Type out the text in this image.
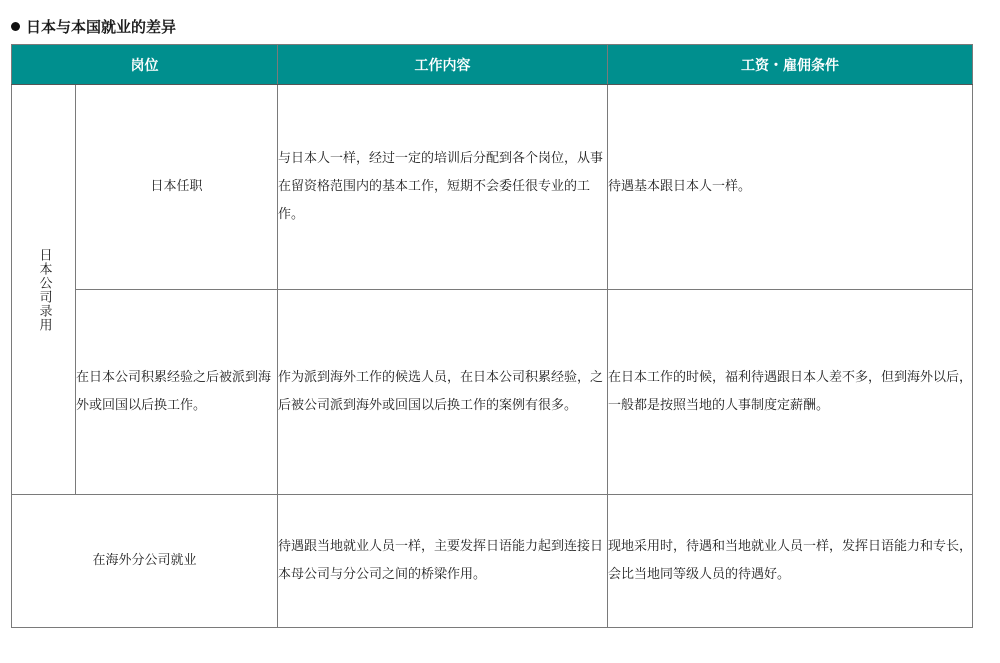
日本与本国就业的差异
岗位		工作内容	工资・雇佣条件

日本公司录用	日本任职	与日本人一样，经过一定的培训后分配到各个岗位，从事在留资格范围内的基本工作，短期不会委任很专业的工作。	待遇基本跟日本人一样。
	在日本公司积累经验之后被派到海外或回国以后换工作。	作为派到海外工作的候选人员，在日本公司积累经验，之后被公司派到海外或回国以后换工作的案例有很多。	在日本工作的时候，福利待遇跟日本人差不多，但到海外以后，一般都是按照当地的人事制度定薪酬。
在海外分公司就业		待遇跟当地就业人员一样，主要发挥日语能力起到连接日本母公司与分公司之间的桥梁作用。	现地采用时，待遇和当地就业人员一样，发挥日语能力和专长，会比当地同等级人员的待遇好。
